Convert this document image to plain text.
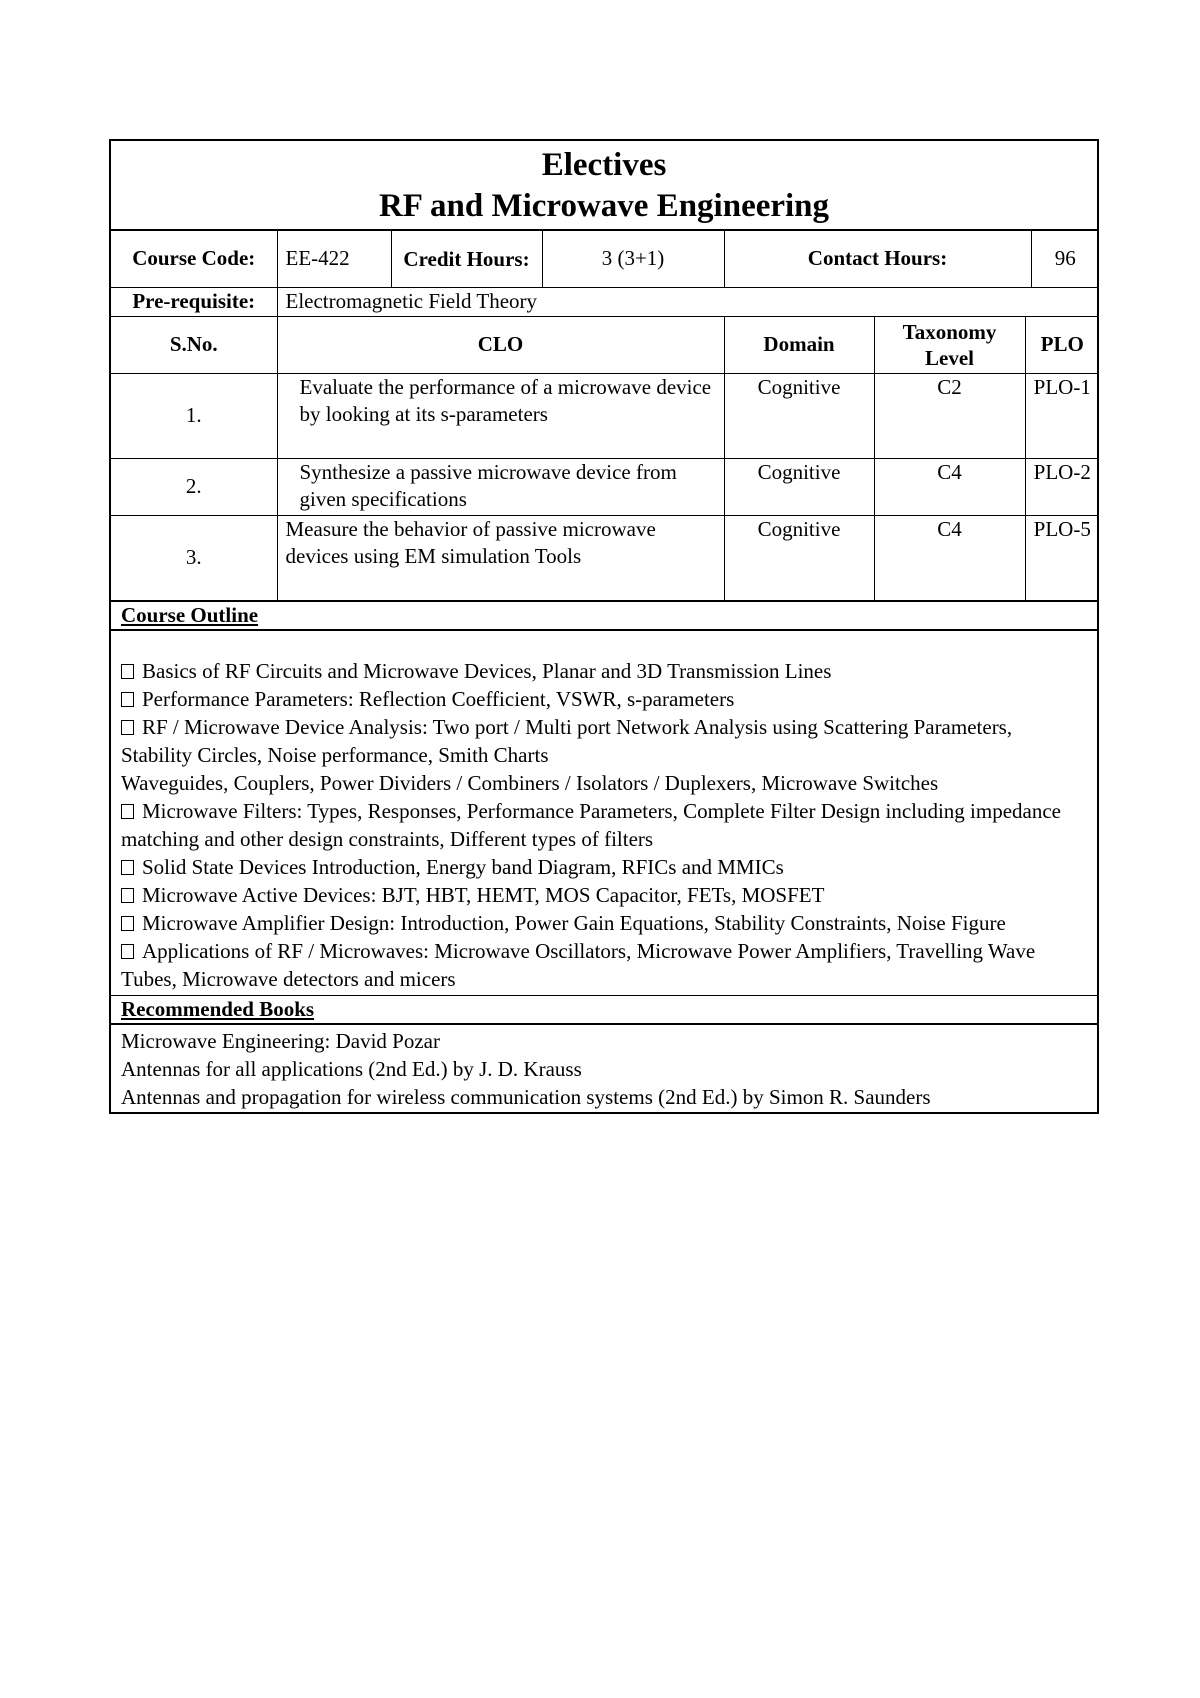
Electives
RF and Microwave Engineering
Course Code:	EE-422	Credit Hours:	3 (3+1)	Contact Hours:	96
Pre-requisite:	Electromagnetic Field Theory
S.No.	CLO	Domain	Taxonomy Level	PLO
1.	Evaluate the performance of a microwave device by looking at its s-parameters	Cognitive	C2	PLO-1
2.	Synthesize a passive microwave device from given specifications	Cognitive	C4	PLO-2
3.	Measure the behavior of passive microwave devices using EM simulation Tools	Cognitive	C4	PLO-5
Course Outline
Basics of RF Circuits and Microwave Devices, Planar and 3D Transmission Lines
Performance Parameters: Reflection Coefficient, VSWR, s-parameters
RF / Microwave Device Analysis: Two port / Multi port Network Analysis using Scattering Parameters, Stability Circles, Noise performance, Smith Charts
Waveguides, Couplers, Power Dividers / Combiners / Isolators / Duplexers, Microwave Switches
Microwave Filters: Types, Responses, Performance Parameters, Complete Filter Design including impedance matching and other design constraints, Different types of filters
Solid State Devices Introduction, Energy band Diagram, RFICs and MMICs
Microwave Active Devices: BJT, HBT, HEMT, MOS Capacitor, FETs, MOSFET
Microwave Amplifier Design: Introduction, Power Gain Equations, Stability Constraints, Noise Figure
Applications of RF / Microwaves: Microwave Oscillators, Microwave Power Amplifiers, Travelling Wave Tubes, Microwave detectors and micers
Recommended Books
Microwave Engineering: David Pozar
Antennas for all applications (2nd Ed.) by J. D. Krauss
Antennas and propagation for wireless communication systems (2nd Ed.) by Simon R. Saunders
